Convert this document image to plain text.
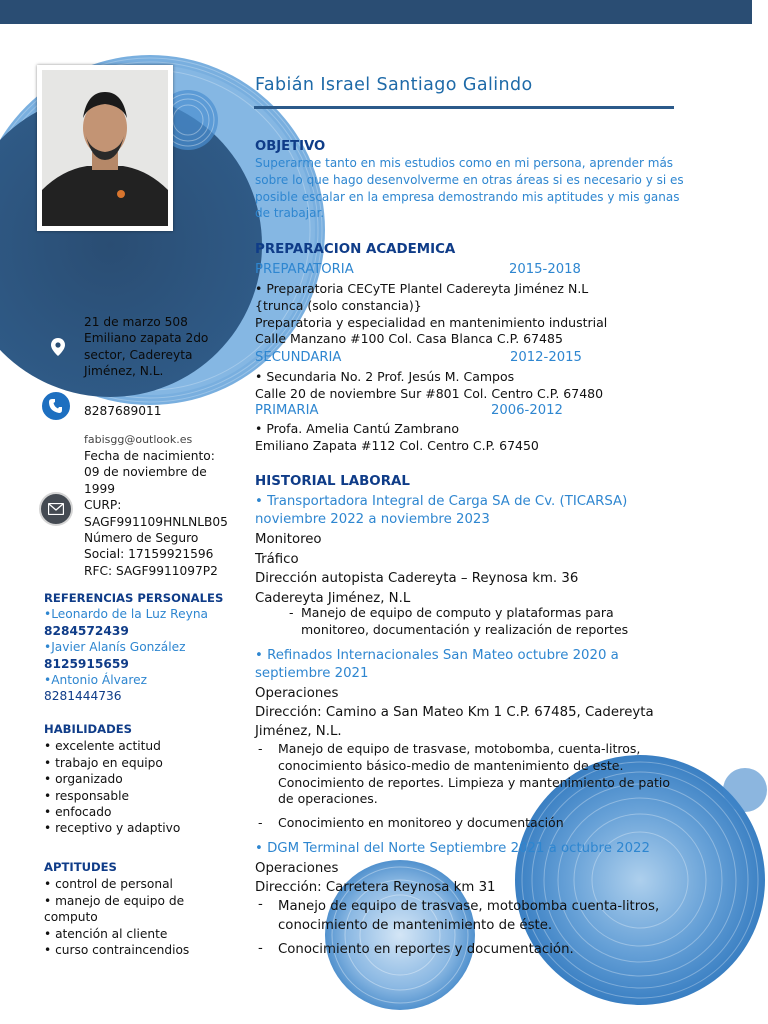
21 de marzo 508
Emiliano zapata 2do
sector, Cadereyta
Jiménez, N.L.
8287689011
fabisgg@outlook.es
Fecha de nacimiento:
09 de noviembre de
1999
CURP:
SAGF991109HNLNLB05
Número de Seguro
Social: 17159921596
RFC: SAGF9911097P2
REFERENCIAS PERSONALES
•Leonardo de la Luz Reyna
8284572439
•Javier Alanís González
8125915659
•Antonio Álvarez
8281444736
HABILIDADES
• excelente actitud
• trabajo en equipo
• organizado
• responsable
• enfocado
• receptivo y adaptivo
APTITUDES
• control de personal
• manejo de equipo de
computo
• atención al cliente
• curso contraincendios
Fabián Israel Santiago Galindo
OBJETIVO
Superarme tanto en mis estudios como en mi persona, aprender más
sobre lo que hago desenvolverme en otras áreas si es necesario y si es
posible escalar en la empresa demostrando mis aptitudes y mis ganas
de trabajar.
PREPARACION ACADEMICA
PREPARATORIA	2015-2018
• Preparatoria CECyTE Plantel Cadereyta Jiménez N.L
{trunca (solo constancia)}
Preparatoria y especialidad en mantenimiento industrial
Calle Manzano #100 Col. Casa Blanca C.P. 67485
SECUNDARIA	2012-2015
• Secundaria No. 2 Prof. Jesús M. Campos
Calle 20 de noviembre Sur #801 Col. Centro C.P. 67480
PRIMARIA	2006-2012
• Profa. Amelia Cantú Zambrano
Emiliano Zapata #112 Col. Centro C.P. 67450
HISTORIAL LABORAL
• Transportadora Integral de Carga SA de Cv. (TICARSA)
noviembre 2022 a noviembre 2023
Monitoreo
Tráfico
Dirección autopista Cadereyta – Reynosa km. 36
Cadereyta Jiménez, N.L
- Manejo de equipo de computo y plataformas para
monitoreo, documentación y realización de reportes
• Refinados Internacionales San Mateo octubre 2020 a
septiembre 2021
Operaciones
Dirección: Camino a San Mateo Km 1 C.P. 67485, Cadereyta
Jiménez, N.L.
- Manejo de equipo de trasvase, motobomba, cuenta-litros,
conocimiento básico-medio de mantenimiento de este.
Conocimiento de reportes. Limpieza y mantenimiento de patio
de operaciones.
- Conocimiento en monitoreo y documentación
• DGM Terminal del Norte Septiembre 2021 a octubre 2022
Operaciones
Dirección: Carretera Reynosa km 31
- Manejo de equipo de trasvase, motobomba cuenta-litros,
conocimiento de mantenimiento de éste.
- Conocimiento en reportes y documentación.
